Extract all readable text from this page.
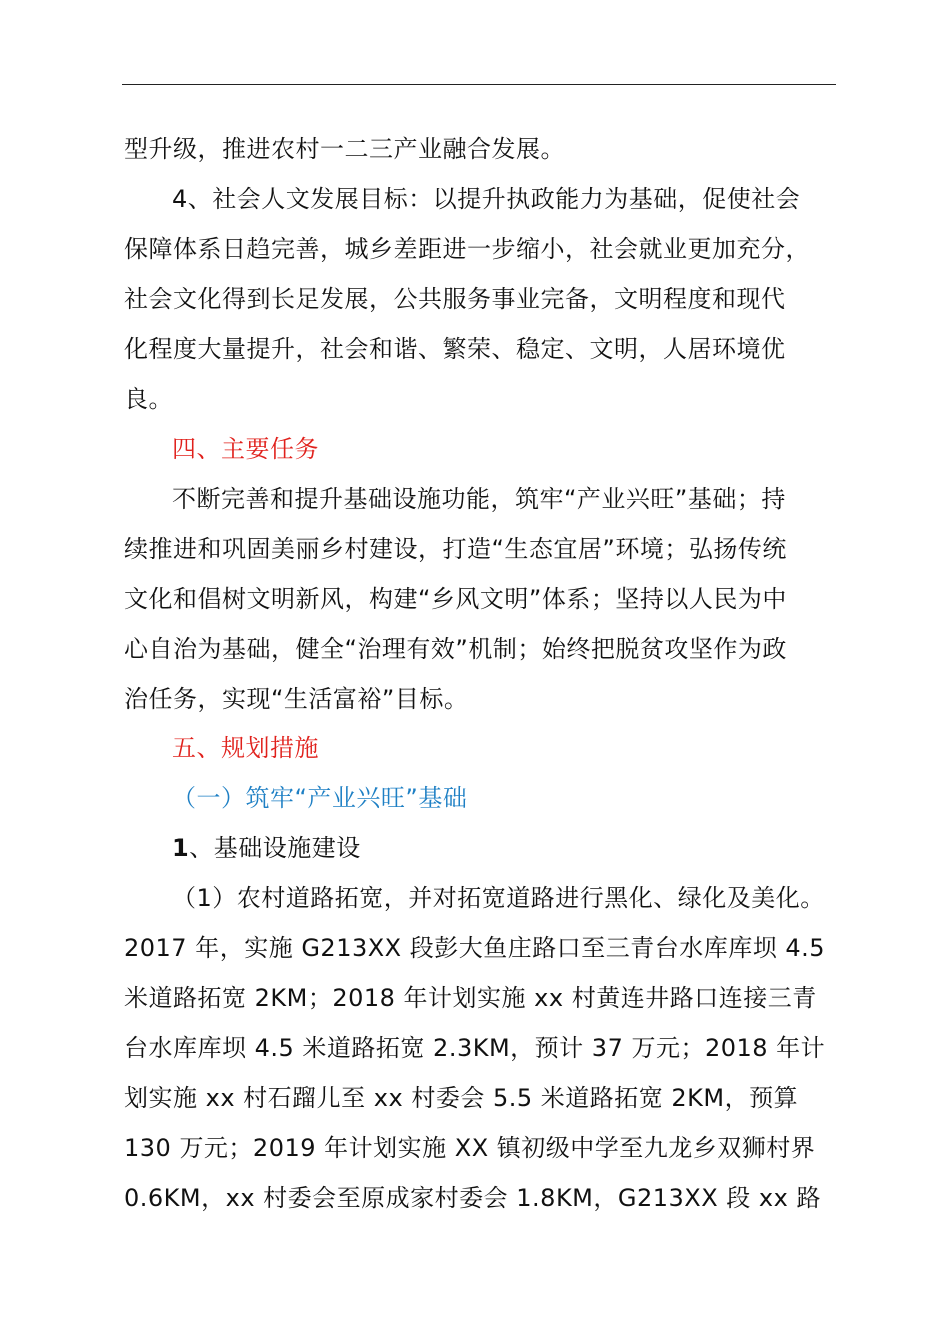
型升级，推进农村一二三产业融合发展。
4、社会人文发展目标：以提升执政能力为基础，促使社会
保障体系日趋完善，城乡差距进一步缩小，社会就业更加充分，
社会文化得到长足发展，公共服务事业完备，文明程度和现代
化程度大量提升，社会和谐、繁荣、稳定、文明，人居环境优
良。
四、主要任务
不断完善和提升基础设施功能，筑牢“产业兴旺”基础；持
续推进和巩固美丽乡村建设，打造“生态宜居”环境；弘扬传统
文化和倡树文明新风，构建“乡风文明”体系；坚持以人民为中
心自治为基础，健全“治理有效”机制；始终把脱贫攻坚作为政
治任务，实现“生活富裕”目标。
五、规划措施
（一）筑牢“产业兴旺”基础
1、基础设施建设
（1）农村道路拓宽，并对拓宽道路进行黑化、绿化及美化。
2017 年，实施 G213XX 段彭大鱼庄路口至三青台水库库坝 4.5
米道路拓宽 2KM；2018 年计划实施 xx 村黄连井路口连接三青
台水库库坝 4.5 米道路拓宽 2.3KM，预计 37 万元；2018 年计
划实施 xx 村石蹓儿至 xx 村委会 5.5 米道路拓宽 2KM，预算
130 万元；2019 年计划实施 XX 镇初级中学至九龙乡双狮村界
0.6KM，xx 村委会至原成家村委会 1.8KM，G213XX 段 xx 路
